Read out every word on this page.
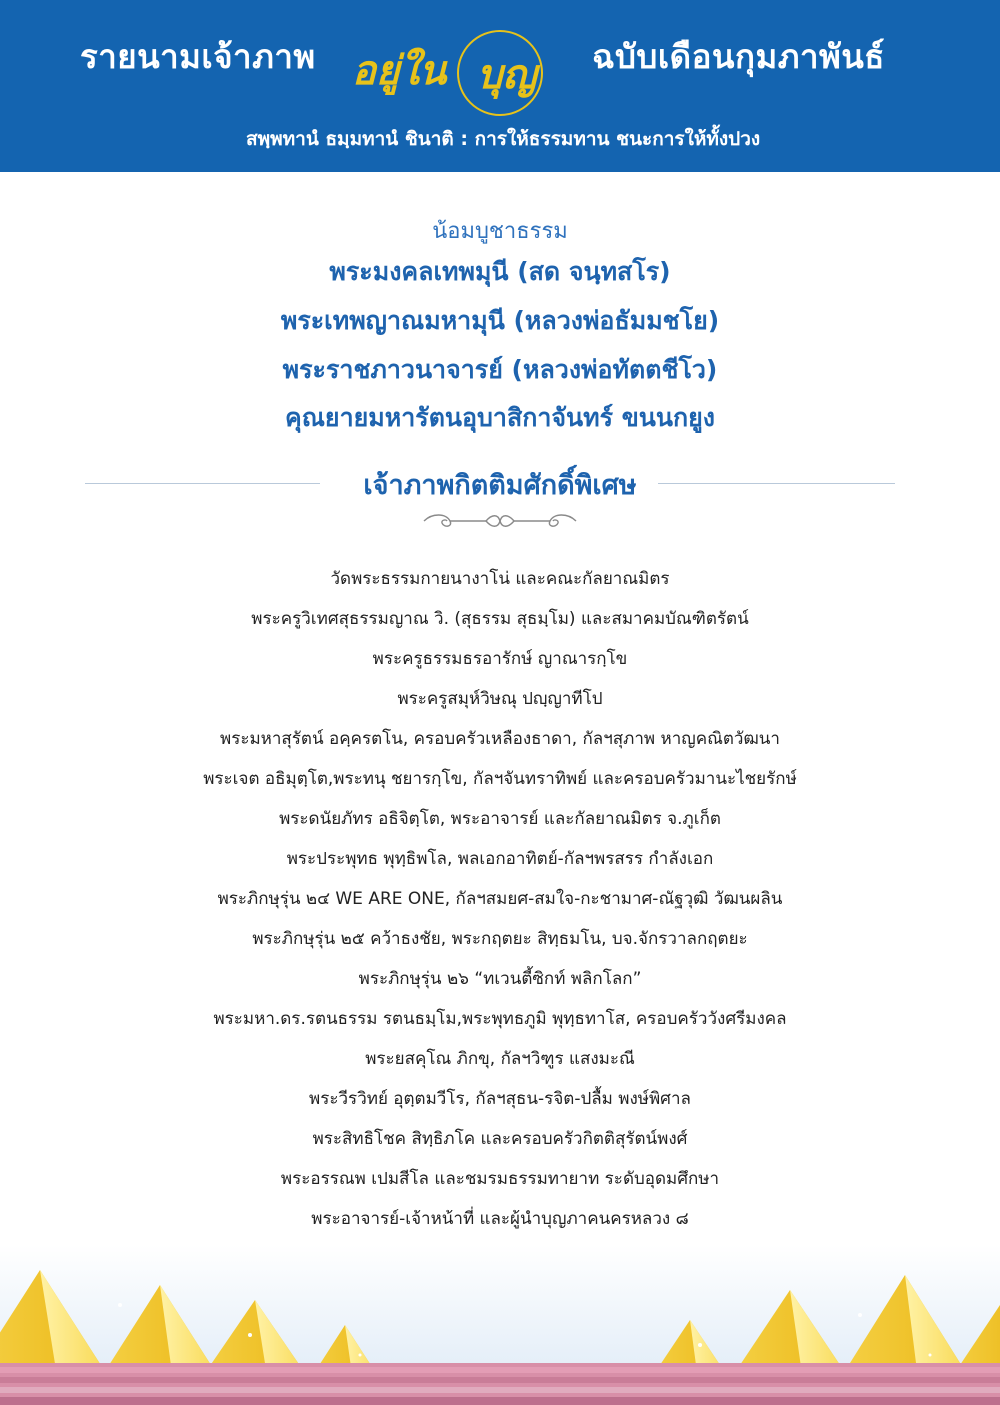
รายนามเจ้าภาพ อยู่ใน บุญ ฉบับเดือนกุมภาพันธ์
สพฺพทานํ ธมฺมทานํ ชินาติ : การให้ธรรมทาน ชนะการให้ทั้งปวง
น้อมบูชาธรรม
พระมงคลเทพมุนี (สด จนฺทสโร)
พระเทพญาณมหามุนี (หลวงพ่อธัมมชโย)
พระราชภาวนาจารย์ (หลวงพ่อทัตตชีโว)
คุณยายมหารัตนอุบาสิกาจันทร์ ขนนกยูง
เจ้าภาพกิตติมศักดิ์พิเศษ
วัดพระธรรมกายนางาโน่ และคณะกัลยาณมิตร
พระครูวิเทศสุธรรมญาณ วิ. (สุธรรม สุธมฺโม) และสมาคมบัณฑิตรัตน์
พระครูธรรมธรอารักษ์ ญาณารกฺโข
พระครูสมุห์วิษณุ ปญฺญาทีโป
พระมหาสุรัตน์ อคฺครตโน, ครอบครัวเหลืองธาดา, กัลฯสุภาพ หาญคณิตวัฒนา
พระเจต อธิมุตฺโต,พระทนุ ชยารกฺโข, กัลฯจันทราทิพย์ และครอบครัวมานะไชยรักษ์
พระดนัยภัทร อธิจิตฺโต, พระอาจารย์ และกัลยาณมิตร จ.ภูเก็ต
พระประพุทธ พุทฺธิพโล, พลเอกอาทิตย์-กัลฯพรสรร กำลังเอก
พระภิกษุรุ่น ๒๔ WE ARE ONE, กัลฯสมยศ-สมใจ-กะชามาศ-ณัฐวุฒิ วัฒนผลิน
พระภิกษุรุ่น ๒๕ คว้าธงชัย, พระกฤตยะ สิทฺธมโน, บจ.จักรวาลกฤตยะ
พระภิกษุรุ่น ๒๖ “ทเวนตี้ซิกท์ พลิกโลก”
พระมหา.ดร.รตนธรรม รตนธมฺโม,พระพุทธภูมิ พุทฺธทาโส, ครอบครัววังศรีมงคล
พระยสคุโณ ภิกขุ, กัลฯวิฑูร แสงมะณี
พระวีรวิทย์ อุตฺตมวีโร, กัลฯสุธน-รจิต-ปลื้ม พงษ์พิศาล
พระสิทธิโชค สิทฺธิภโค และครอบครัวกิตติสุรัตน์พงศ์
พระอรรณพ เปมสีโล และชมรมธรรมทายาท ระดับอุดมศึกษา
พระอาจารย์-เจ้าหน้าที่ และผู้นำบุญภาคนครหลวง ๘
